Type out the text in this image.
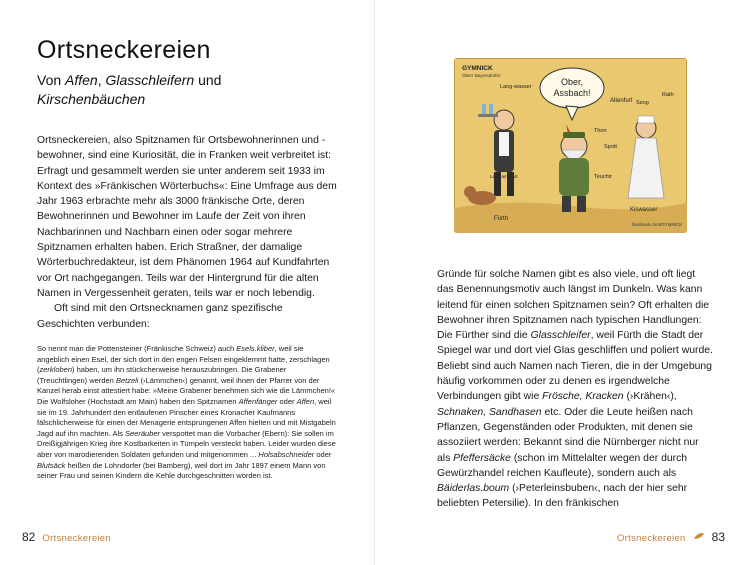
Ortsneckereien

Von Affen, Glasschleifern und
Kirschenbäuchen

Ortsneckereien, also Spitznamen für Ortsbewohnerinnen und -bewohner, sind eine Kuriosität, die in Franken weit verbreitet ist: Erfragt und gesammelt werden sie unter anderem seit 1933 im Kontext des »Fränkischen Wörterbuchs«: Eine Umfrage aus dem Jahr 1963 erbrachte mehr als 3000 fränkische Orte, deren Bewohnerinnen und Bewohner im Laufe der Zeit von ihren Nachbarinnen und Nachbarn einen oder sogar mehrere Spitznamen erhalten haben. Erich Straßner, der damalige Wörterbuchredakteur, ist dem Phänomen 1964 auf Kundfahrten vor Ort nachgegangen. Teils war der Hintergrund für die alten Namen in Vergessenheit geraten, teils war er noch lebendig.
Oft sind mit den Ortsnecknamen ganz spezifische Geschichten verbunden:

So nennt man die Pottensteiner (Fränkische Schweiz) auch Esels.kliber, weil sie angeblich einen Esel, der sich dort in den engen Felsen eingeklemmt hatte, zerschlagen (zerkloben) haben, um ihn stückchenweise herauszubringen. Die Grabener (Treuchtlingen) werden Betzeli (›Lämmchen‹) genannt, weil ihnen der Pfarrer von der Kanzel herab einst attestiert habe: »Meine Grabener benehmen sich wie die Lämmchen!« Die Wolfsloher (Hochstadt am Main) haben den Spitznamen Affenfänger oder Affen, weil sie im 19. Jahrhundert den entlaufenen Pinscher eines Kronacher Kaufmanns fälschlicherweise für einen der Menagerie entsprungenen Affen hielten und mit Mistgabeln Jagd auf ihn machten. Als Seeräuber verspottet man die Vorbacher (Ebern): Sie sollen im Dreißigjährigen Krieg ihre Kostbarkeiten in Tümpeln versteckt haben. Leider wurden diese aber von marodierenden Soldaten gefunden und mitgenommen ... Holsabschneider oder Blutsäck heißen die Lohndorfer (bei Bamberg), weil dort im Jahr 1897 einem Mann von seiner Frau und seinen Kindern die Kehle durchgeschnitten worden ist.

82 Ortsneckereien
Ober,
Assbach!
GYMNICK
Oberr Bayersdorfer
Lang-wasser
Altenfurt
Thon
Spott
Teuchtr
Rath
Seog
Laufr am Holz
Fürth
Kiswasser
facebook.com/GYMNICK

Gründe für solche Namen gibt es also viele, und oft liegt das Benennungsmotiv auch längst im Dunkeln. Was kann leitend für einen solchen Spitznamen sein? Oft erhalten die Bewohner ihren Spitznamen nach typischen Handlungen: Die Fürther sind die Glasschleifer, weil Fürth die Stadt der Spiegel war und dort viel Glas geschliffen und poliert wurde. Beliebt sind auch Namen nach Tieren, die in der Umgebung häufig vorkommen oder zu denen es irgendwelche Verbindungen gibt wie Frösche, Kracken (›Krähen‹), Schnaken, Sandhasen etc. Oder die Leute heißen nach Pflanzen, Gegenständen oder Produkten, mit denen sie assoziiert werden: Bekannt sind die Nürnberger nicht nur als Pfeffersäcke (schon im Mittelalter wegen der durch Gewürzhandel reichen Kaufleute), sondern auch als Bäiderlas.boum (›Peterleinsbuben‹, nach der hier sehr beliebten Petersilie). In den fränkischen

Ortsneckereien 83
